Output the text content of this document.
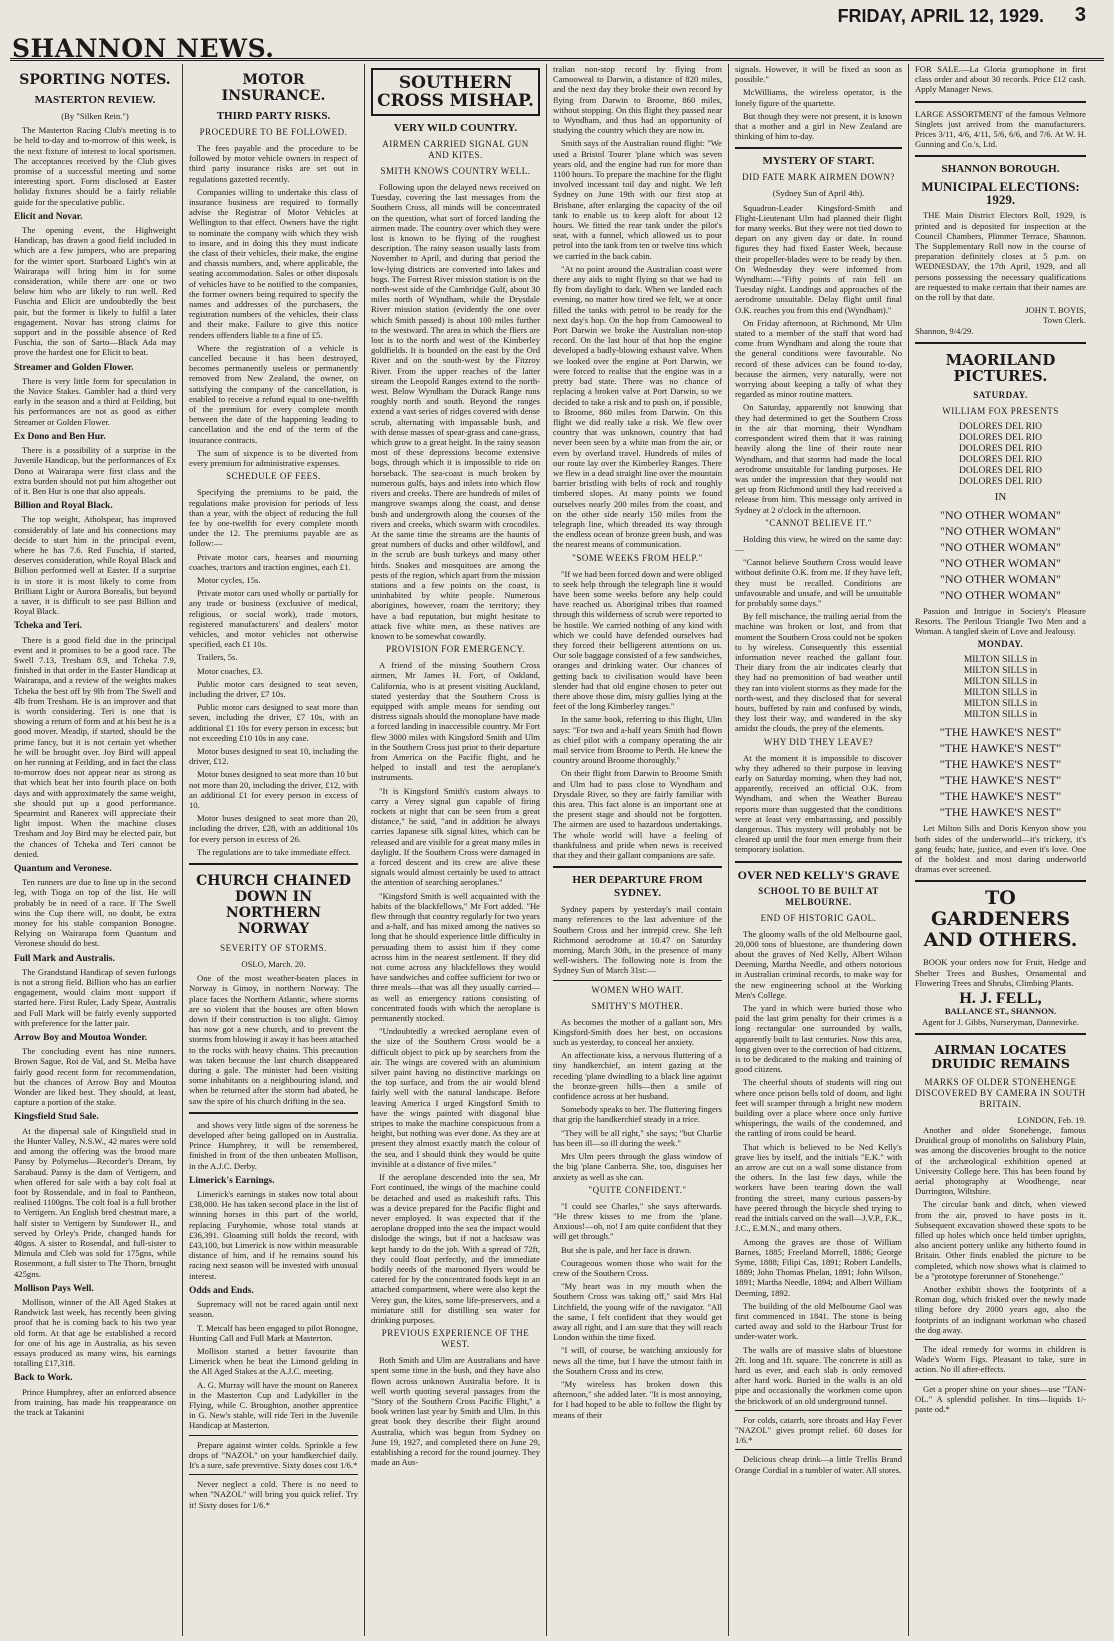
SHANNON NEWS.
FRIDAY, APRIL 12, 1929. 3
SPORTING NOTES.
MASTERTON REVIEW.
(By "Silken Rein.")

The Masterton Racing Club's meeting is to be held to-day and to-morrow of this week, is the next fixture of interest to local sportsmen. The acceptances received by the Club gives promise of a successful meeting and some interesting sport. Form disclosed at Easter holiday fixtures should be a fairly reliable guide for the speculative public.

Elicit and Novar.

The opening event, the Highweight Handicap, has drawn a good field included in which are a few jumpers, who are preparing for the winter sport. Starboard Light's win at Wairarapa will bring him in for some consideration, while there are one or two below him who are likely to run well. Red Fuschia and Elicit are undoubtedly the best pair, but the former is likely to fulfil a later engagement. Novar has strong claims for support and in the possible absence of Red Fuschia, the son of Sarto—Black Ada may prove the hardest one for Elicit to beat.

Streamer and Golden Flower.

There is very little form for speculation in the Novice Stakes. Gambler had a third very early in the season and a third at Feilding, but his performances are not as good as either Streamer or Golden Flower.

Ex Dono and Ben Hur.

There is a possibility of a surprise in the Juvenile Handicap, but the performances of Ex Dono at Wairarapa were first class and the extra burden should not put him altogether out of it. Ben Hur is one that also appeals.

Billion and Royal Black.

The top weight, Atholspear, has improved considerably of late and his connections may decide to start him in the principal event, where he has 7.6. Red Fuschia, if started, deserves consideration, while Royal Black and Billion performed well at Easter. If a surprise is in store it is most likely to come from Brilliant Light or Aurora Borealis, but beyond a saver, it is difficult to see past Billion and Royal Black.

Tcheka and Teri.

There is a good field due in the principal event and it promises to be a good race. The Swell 7.13, Tresham 8.9, and Tcheka 7.9, finished in that order in the Easter Handicap at Wairarapa, and a review of the weights makes Tcheka the best off by 9lb from The Swell and 4lb from Tresham. He is an improver and that is worth considering. Teri is one that is showing a return of form and at his best he is a good mover. Meadip, if started, should be the prime fancy, but it is not certain yet whether he will be brought over. Joy Bird will appeal on her running at Feilding, and in fact the class to-morrow does not appear near as strong as that which beat her into fourth place on both days and with approximately the same weight, she should put up a good performance. Spearmint and Ranerex will appreciate their light impost. When the machine closes Tresham and Joy Bird may be elected pair, but the chances of Tcheka and Teri cannot be denied.

Quantum and Veronese.

Ten runners are due to line up in the second leg, with Tioga on top of the list. He will probably be in need of a race. If The Swell wins the Cup there will, no doubt, be extra money for his stable companion Bonogne. Relying on Wairarapa form Quantum and Veronese should do best.

Full Mark and Australis.

The Grandstand Handicap of seven furlongs is not a strong field. Billion who has an earlier engagement, would claim most support if started here. First Ruler, Lady Spear, Australis and Full Mark will be fairly evenly supported with preference for the latter pair.

Arrow Boy and Moutoa Wonder.

The concluding event has nine runners. Brown Sague, Roi de Val, and St. Melba have fairly good recent form for recommendation, but the chances of Arrow Boy and Moutoa Wonder are liked best. They should, at least, capture a portion of the stake.

Kingsfield Stud Sale.

At the dispersal sale of Kingsfield stud in the Hunter Valley, N.S.W., 42 mares were sold and among the offering was the brood mare Pansy by Polymelus—Recorder's Dream, by Sarabaud. Pansy is the dam of Vertigern, and when offered for sale with a bay colt foal at foot by Rossendale, and in foal to Pantheon, realised 1100gns. The colt foal is a full brother to Vertigern. An English bred chestnut mare, a half sister to Vertigern by Sundower II., and served by Orley's Pride, changed hands for 40gns. A sister to Rosendal, and full-sister to Mimula and Cleb was sold for 175gns, while Rosenmont, a full sister to The Thorn, brought 425gns.

Mollison Pays Well.

Mollison, winner of the All Aged Stakes at Randwick last week, has recently been giving proof that he is coming back to his two year old form. At that age he established a record for one of his age in Australia, as his seven essays produced as many wins, his earnings totalling £17,318.

Back to Work.

Prince Humphrey, after an enforced absence from training, has made his reappearance on the track at Takanini

MOTOR INSURANCE.
THIRD PARTY RISKS.
PROCEDURE TO BE FOLLOWED.

The fees payable and the procedure to be followed by motor vehicle owners in respect of third party insurance risks are set out in regulations gazetted recently.

Companies willing to undertake this class of insurance business are required to formally advise the Registrar of Motor Vehicles at Wellington to that effect. Owners have the right to nominate the company with which they wish to insure, and in doing this they must indicate the class of their vehicles, their make, the engine and chassis numbers, and, where applicable, the seating accommodation. Sales or other disposals of vehicles have to be notified to the companies, the former owners being required to specify the names and addresses of the purchasers, the registration numbers of the vehicles, their class and their make. Failure to give this notice renders offenders liable to a fine of £5.

Where the registration of a vehicle is cancelled because it has been destroyed, becomes permanently useless or permanently removed from New Zealand, the owner, on satisfying the company of the cancellation, is enabled to receive a refund equal to one-twelfth of the premium for every complete month between the date of the happening leading to cancellation and the end of the term of the insurance contracts.

The sum of sixpence is to be diverted from every premium for administrative expenses.

SCHEDULE OF FEES.

Specifying the premiums to be paid, the regulations make provision for periods of less than a year, with the object of reducing the full fee by one-twelfth for every complete month under the 12. The premiums payable are as follow:—

Private motor cars, hearses and mourning coaches, tractors and traction engines, each £1.

Motor cycles, 15s.

Private motor cars used wholly or partially for any trade or business (exclusive of medical, religious, or social work), trade motors, registered manufacturers' and dealers' motor vehicles, and motor vehicles not otherwise specified, each £1 10s.

Trailers, 5s.

Motor coaches, £3.

Public motor cars designed to seat seven, including the driver, £7 10s.

Public motor cars designed to seat more than seven, including the driver, £7 10s, with an additional £1 10s for every person in excess; but not exceeding £10 10s in any case.

Motor buses designed to seat 10, including the driver, £12.

Motor buses designed to seat more than 10 but not more than 20, including the driver, £12, with an additional £1 for every person in excess of 10.

Motor buses designed to seat more than 20, including the driver, £28, with an additional 10s for every person in excess of 26.

The regulations are to take immediate effect.

CHURCH CHAINED DOWN IN NORTHERN NORWAY
SEVERITY OF STORMS.
OSLO, March. 20.

One of the most weather-beaten places in Norway is Gimoy, in northern Norway. The place faces the Northern Atlantic, where storms are so violent that the houses are often blown down if their construction is too slight. Gimoy has now got a new church, and to prevent the storms from blowing it away it has been attached to the rocks with heavy chains. This precaution was taken because the last church disappeared during a gale. The minister had been visiting some inhabitants on a neighbouring island, and when he returned after the storm had abated, he saw the spire of his church drifting in the sea.

and shows very little signs of the soreness he developed after being galloped on in Australia. Prince Humphrey, it will be remembered, finished in front of the then unbeaten Mollison, in the A.J.C. Derby.

Limerick's Earnings.

Limerick's earnings in stakes now total about £38,000. He has taken second place in the list of winning horses in this part of the world, replacing Furyhomie, whose total stands at £36,391. Gloaming still holds the record, with £43,100, but Limerick is now within measurable distance of him, and if he remains sound his racing next season will be invested with unusual interest.

Odds and Ends.

Supremacy will not be raced again until next season.

T. Metcalf has been engaged to pilot Bonogne, Hunting Call and Full Mark at Masterton.

Mollison started a better favourite than Limerick when he beat the Limond gelding in the All Aged Stakes at the A.J.C. meeting.

A. G. Murray will have the mount on Ranerex in the Masterton Cup and Ladykiller in the Flying, while C. Broughton, another apprentice in G. New's stable, will ride Teri in the Juvenile Handicap at Masterton.

Prepare against winter colds. Sprinkle a few drops of "NAZOL" on your handkerchief daily. It's a sure, safe preventive. Sixty doses cost 1/6.*

Never neglect a cold. There is no need to when "NAZOL" will bring you quick relief. Try it! Sixty doses for 1/6.*

SOUTHERN CROSS MISHAP.
VERY WILD COUNTRY.
AIRMEN CARRIED SIGNAL GUN AND KITES.
SMITH KNOWS COUNTRY WELL.

Following upon the delayed news received on Tuesday, covering the last messages from the Southern Cross, all minds will be concentrated on the question, what sort of forced landing the airmen made. The country over which they were lost is known to be flying of the roughest description. The rainy season usually lasts from November to April, and during that period the low-lying districts are converted into lakes and bogs. The Forrest River mission station is on the north-west side of the Cambridge Gulf, about 30 miles north of Wyndham, while the Drysdale River mission station (evidently the one over which Smith passed) is about 100 miles further to the westward. The area in which the fliers are lost is to the north and west of the Kimberley goldfields. It is bounded on the east by the Ord River and on the south-west by the Fitzroy River. From the upper reaches of the latter stream the Leopold Ranges extend to the north-west. Below Wyndham the Durack Range runs roughly north and south. Beyond the ranges extend a vast series of ridges covered with dense scrub, alternating with impassable bush, and with dense masses of spear-grass and cane-grass, which grow to a great height. In the rainy season most of these depressions become extensive bogs, through which it is impossible to ride on horseback. The sea-coast is much broken by numerous gulfs, bays and inlets into which flow rivers and creeks. There are hundreds of miles of mangrove swamps along the coast, and dense bush and undergrowth along the courses of the rivers and creeks, which swarm with crocodiles. At the same time the streams are the haunts of great numbers of ducks and other wildfowl, and in the scrub are bush turkeys and many other birds. Snakes and mosquitoes are among the pests of the region, which apart from the mission stations and a few points on the coast, is uninhabited by white people. Numerous aborigines, however, roam the territory; they have a bad reputation, but might hesitate to attack five white men, as these natives are known to be somewhat cowardly.

PROVISION FOR EMERGENCY.

A friend of the missing Southern Cross airmen, Mr James H. Fort, of Oakland, California, who is at present visiting Auckland, stated yesterday that the Southern Cross is equipped with ample means for sending out distress signals should the monoplane have made a forced landing in inaccessible country. Mr Fort flew 3000 miles with Kingsford Smith and Ulm in the Southern Cross just prior to their departure from America on the Pacific flight, and he helped to install and test the aeroplane's instruments.

"It is Kingsford Smith's custom always to carry a Verey signal gun capable of firing rockets at night that can be seen from a great distance," he said, "and in addition he always carries Japanese silk signal kites, which can be released and are visible for a great many miles in daylight. If the Southern Cross were damaged in a forced descent and its crew are alive these signals would almost certainly be used to attract the attention of searching aeroplanes."

"Kingsford Smith is well acquainted with the habits of the blackfellows," Mr Fort added. "He flew through that country regularly for two years and a-half, and has mixed among the natives so long that he should experience little difficulty in persuading them to assist him if they come across him in the nearest settlement. If they did not come across any blackfellows they would have sandwiches and coffee sufficient for two or three meals—that was all they usually carried—as well as emergency rations consisting of concentrated foods with which the aeroplane is permanently stocked.

"Undoubtedly a wrecked aeroplane even of the size of the Southern Cross would be a difficult object to pick up by searchers from the air. The wings are covered with an aluminium silver paint having no distinctive markings on the top surface, and from the air would blend fairly well with the natural landscape. Before leaving America I urged Kingsford Smith to have the wings painted with diagonal blue stripes to make the machine conspicuous from a height, but nothing was ever done. As they are at present they almost exactly match the colour of the sea, and I should think they would be quite invisible at a distance of five miles."

If the aeroplane descended into the sea, Mr Fort continued, the wings of the machine could be detached and used as makeshift rafts. This was a device prepared for the Pacific flight and never employed. It was expected that if the aeroplane dropped into the sea the impact would dislodge the wings, but if not a hacksaw was kept handy to do the job. With a spread of 72ft, they could float perfectly, and the immediate bodily needs of the marooned flyers would be catered for by the concentrated foods kept in an attached compartment, where were also kept the Verey gun, the kites, some life-preservers, and a miniature still for distilling sea water for drinking purposes.

PREVIOUS EXPERIENCE OF THE WEST.

Both Smith and Ulm are Australians and have spent some time in the bush, and they have also flown across unknown Australia before. It is well worth quoting several passages from the "Story of the Southern Cross Pacific Flight," a book written last year by Smith and Ulm. In this great book they describe their flight around Australia, which was begun from Sydney on June 19, 1927, and completed there on June 29, establishing a record for the round journey. They made an Aus-

tralian non-stop record by flying from Camooweal to Darwin, a distance of 820 miles, and the next day they broke their own record by flying from Darwin to Broome, 860 miles, without stopping. On this flight they passed near to Wyndham, and thus had an opportunity of studying the country which they are now in.

Smith says of the Australian round flight: "We used a Bristol Tourer 'plane which was seven years old, and the engine had run for more than 1100 hours. To prepare the machine for the flight involved incessant toil day and night. We left Sydney on June 19th with our first stop at Brisbane, after enlarging the capacity of the oil tank to enable us to keep aloft for about 12 hours. We fitted the rear tank under the pilot's seat, with a funnel, which allowed us to pour petrol into the tank from ten or twelve tins which we carried in the back cabin.

"At no point around the Australian coast were there any aids to night flying so that we had to fly from daylight to dark. When we landed each evening, no matter how tired we felt, we at once filled the tanks with petrol to be ready for the next day's hop. On the hop from Camooweal to Port Darwin we broke the Australian non-stop record. On the last hour of that hop the engine developed a badly-blowing exhaust valve. When we looked over the engine at Port Darwin, we were forced to realise that the engine was in a pretty bad state. There was no chance of replacing a broken valve at Port Darwin, so we decided to take a risk and to push on, if possible, to Broome, 860 miles from Darwin. On this flight we did really take a risk. We flew over country that was unknown, country that had never been seen by a white man from the air, or even by overland travel. Hundreds of miles of our route lay over the Kimberley Ranges. There we flew in a dead straight line over the mountain barrier bristling with belts of rock and roughly timbered slopes. At many points we found ourselves nearly 200 miles from the coast, and on the other side nearly 150 miles from the telegraph line, which threaded its way through the endless ocean of bronze green bush, and was the nearest means of communication.

"SOME WEEKS FROM HELP."

"If we had been forced down and were obliged to seek help through the telegraph line it would have been some weeks before any help could have reached us. Aboriginal tribes that roamed through this wilderness of scrub were reported to be hostile. We carried nothing of any kind with which we could have defended ourselves had they forced their belligerent attentions on us. Our sole baggage consisted of a few sandwiches, oranges and drinking water. Our chances of getting back to civilisation would have been slender had that old engine chosen to peter out there above those dim, misty gullies lying at the feet of the long Kimberley ranges."

In the same book, referring to this flight, Ulm says: "For two and a-half years Smith had flown as chief pilot with a company operating the air mail service from Broome to Perth. He knew the country around Broome thoroughly."

On their flight from Darwin to Broome Smith and Ulm had to pass close to Wyndham and Drysdale River, so they are fairly familiar with this area. This fact alone is an important one at the present stage and should not be forgotten. The airmen are used to hazardous undertakings. The whole world will have a feeling of thankfulness and pride when news is received that they and their gallant companions are safe.

HER DEPARTURE FROM SYDNEY.

Sydney papers by yesterday's mail contain many references to the last adventure of the Southern Cross and her intrepid crew. She left Richmond aerodrome at 10.47 on Saturday morning, March 30th, in the presence of many well-wishers. The following note is from the Sydney Sun of March 31st:—

WOMEN WHO WAIT.
SMITHY'S MOTHER.

As becomes the mother of a gallant son, Mrs Kingsford-Smith does her best, on occasions such as yesterday, to conceal her anxiety.

An affectionate kiss, a nervous fluttering of a tiny handkerchief, an intent gazing at the receding 'plane dwindling to a black line against the bronze-green hills—then a smile of confidence across at her husband.

Somebody speaks to her. The fluttering fingers that grip the handkerchief steady in a trice.

"They will be all right," she says; "but Charlie has been ill—so ill during the week."

Mrs Ulm peers through the glass window of the big 'plane Canberra. She, too, disguises her anxiety as well as she can.

"QUITE CONFIDENT."

"I could see Charles," she says afterwards. "He threw kisses to me from the 'plane. Anxious!—oh, no! I am quite confident that they will get through."

But she is pale, and her face is drawn.

Courageous women those who wait for the crew of the Southern Cross.

"My heart was in my mouth when the Southern Cross was taking off," said Mrs Hal Litchfield, the young wife of the navigator. "All the same, I felt confident that they would get away all right, and I am sure that they will reach London within the time fixed.

"I will, of course, be watching anxiously for news all the time, but I have the utmost faith in the Southern Cross and its crew.

"My wireless has broken down this afternoon," she added later. "It is most annoying, for I had hoped to be able to follow the flight by means of their

signals. However, it will be fixed as soon as possible."

McWilliams, the wireless operator, is the lonely figure of the quartette.

But though they were not present, it is known that a mother and a girl in New Zealand are thinking of him to-day.

MYSTERY OF START.
DID FATE MARK AIRMEN DOWN?
(Sydney Sun of April 4th).

Squadron-Leader Kingsford-Smith and Flight-Lieutenant Ulm had planned their flight for many weeks. But they were not tied down to depart on any given day or date. In round figures they had fixed Easter Week, because their propeller-blades were to be ready by then. On Wednesday they were informed from Wyndham:—"Fifty points of rain fell on Tuesday night. Landings and approaches of the aerodrome unsuitable. Delay flight until final O.K. reaches you from this end (Wyndham)."

On Friday afternoon, at Richmond, Mr Ulm stated to a member of the staff that word had come from Wyndham and along the route that the general conditions were favourable. No record of these advices can be found to-day, because the airmen, very naturally, were not worrying about keeping a tally of what they regarded as minor routine matters.

On Saturday, apparently not knowing that they had determined to get the Southern Cross in the air that morning, their Wyndham correspondent wired them that it was raining heavily along the line of their route near Wyndham, and that storms had made the local aerodrome unsuitable for landing purposes. He was under the impression that they would not get up from Richmond until they had received a release from him. This message only arrived in Sydney at 2 o'clock in the afternoon.

"CANNOT BELIEVE IT."

Holding this view, he wired on the same day:—

"Cannot believe Southern Cross would leave without definite O.K. from me. If they have left, they must be recalled. Conditions are unfavourable and unsafe, and will be unsuitable for probably some days."

By fell mischance, the trailing aerial from the machine was broken or lost, and from that moment the Southern Cross could not be spoken to by wireless. Consequently this essential information never reached the gallant four. Their diary from the air indicates clearly that they had no premonition of bad weather until they ran into violent storms as they made for the north-west, and they disclosed that for several hours, buffeted by rain and confused by winds, they lost their way, and wandered in the sky amidst the clouds, the prey of the elements.

WHY DID THEY LEAVE?

At the moment it is impossible to discover why they adhered to their purpose in leaving early on Saturday morning, when they had not, apparently, received an official O.K. from Wyndham, and when the Weather Bureau reports more than suggested that the conditions were at least very embarrassing, and possibly dangerous. This mystery will probably not be cleared up until the four men emerge from their temporary isolation.

OVER NED KELLY'S GRAVE
SCHOOL TO BE BUILT AT MELBOURNE.
END OF HISTORIC GAOL.

The gloomy walls of the old Melbourne gaol, 20,000 tons of bluestone, are thundering down about the graves of Ned Kelly, Albert Wilson Deeming, Martha Needle, and others notorious in Australian criminal records, to make way for the new engineering school at the Working Men's College.

The yard in which were buried those who paid the last grim penalty for their crimes is a long rectangular one surrounded by walls, apparently built to last centuries. Now this area, long given over to the correction of bad citizens, is to be dedicated to the making and training of good citizens.

The cheerful shouts of students will ring out where once prison bells told of doom, and light feet will scamper through a bright new modern building over a place where once only furtive whisperings, the wails of the condemned, and the rattling of irons could be heard.

That which is believed to be Ned Kelly's grave lies by itself, and the initials "E.K." with an arrow are cut on a wall some distance from the others. In the last few days, while the workers have been tearing down the wall fronting the street, many curious passers-by have peered through the bicycle shed trying to read the initials carved on the wall—J.V.P., F.K., J.C., E.M.N., and many others.

Among the graves are those of William Barnes, 1885; Freeland Morrell, 1886; George Syme, 1888; Filipi Cas, 1891; Robert Landells, 1889; John Thomas Phelan, 1891; John Wilson, 1891; Martha Needle, 1894; and Albert William Deeming, 1892.

The building of the old Melbourne Gaol was first commenced in 1841. The stone is being carted away and sold to the Harbour Trust for under-water work.

The walls are of massive slabs of bluestone 2ft. long and 1ft. square. The concrete is still as hard as ever, and each slab is only removed after hard work. Buried in the walls is an old pipe and occasionally the workmen come upon the brickwork of an old underground tunnel.

For colds, catarrh, sore throats and Hay Fever "NAZOL" gives prompt relief. 60 doses for 1/6.*

Delicious cheap drink—a little Trellis Brand Orange Cordial in a tumbler of water. All stores.

FOR SALE.—La Gloria gramophone in first class order and about 30 records. Price £12 cash. Apply Manager News.

LARGE ASSORTMENT of the famous Velmore Singlets just arrived from the manufacturers. Prices 3/11, 4/6, 4/11, 5/6, 6/6, and 7/6. At W. H. Gunning and Co.'s, Ltd.

SHANNON BOROUGH.
MUNICIPAL ELECTIONS: 1929.

THE Main District Electors Roll, 1929, is printed and is deposited for inspection at the Council Chambers, Plimmer Terrace, Shannon. The Supplementary Roll now in the course of preparation definitely closes at 5 p.m. on WEDNESDAY, the 17th April, 1929, and all persons possessing the necessary qualifications are requested to make certain that their names are on the roll by that date.

JOHN T. BOYIS,
Town Clerk.
Shannon, 9/4/29.
MAORILAND PICTURES.
SATURDAY.
WILLIAM FOX PRESENTS
DOLORES DEL RIO
DOLORES DEL RIO
DOLORES DEL RIO
DOLORES DEL RIO
DOLORES DEL RIO
DOLORES DEL RIO
IN
"NO OTHER WOMAN"
"NO OTHER WOMAN"
"NO OTHER WOMAN"
"NO OTHER WOMAN"
"NO OTHER WOMAN"
"NO OTHER WOMAN"

Passion and Intrigue in Society's Pleasure Resorts. The Perilous Triangle Two Men and a Woman. A tangled skein of Love and Jealousy.

MONDAY.
MILTON SILLS in
MILTON SILLS in
MILTON SILLS in
MILTON SILLS in
MILTON SILLS in
MILTON SILLS in
"THE HAWKE'S NEST"
"THE HAWKE'S NEST"
"THE HAWKE'S NEST"
"THE HAWKE'S NEST"
"THE HAWKE'S NEST"
"THE HAWKE'S NEST"

Let Milton Sills and Doris Kenyon show you both sides of the underworld—it's trickery, it's gang feuds; hate, justice, and even it's love. One of the boldest and most daring underworld dramas ever screened.

TO GARDENERS AND OTHERS.

BOOK your orders now for Fruit, Hedge and Shelter Trees and Bushes, Ornamental and Flowering Trees and Shrubs, Climbing Plants.

H. J. FELL,
BALLANCE ST., SHANNON.
Agent for J. Gibbs, Nurseryman, Dannevirke.
AIRMAN LOCATES DRUIDIC REMAINS
MARKS OF OLDER STONEHENGE DISCOVERED BY CAMERA IN SOUTH BRITAIN.
LONDON, Feb. 19.

Another and older Stonehenge, famous Druidical group of monoliths on Salisbury Plain, was among the discoveries brought to the notice of the archæological exhibition opened at University College here. This has been found by aerial photography at Woodhenge, near Durrington, Wiltshire.

The circular bank and ditch, when viewed from the air, proved to have posts in it. Subsequent excavation showed these spots to be filled up holes which once held timber uprights, also ancient pottery unlike any hitherto found in Britain. Other finds enabled the picture to be completed, which now shows what is claimed to be a "prototype forerunner of Stonehenge."

Another exhibit shows the footprints of a Roman dog, which frisked over the newly made tiling before dry 2000 years ago, also the footprints of an indignant workman who chased the dog away.

The ideal remedy for worms in children is Wade's Worm Figs. Pleasant to take, sure in action. No ill after-effects.

Get a proper shine on your shoes—use "TAN-OL." A splendid polisher. In tins—liquids 1/- paste od.*
